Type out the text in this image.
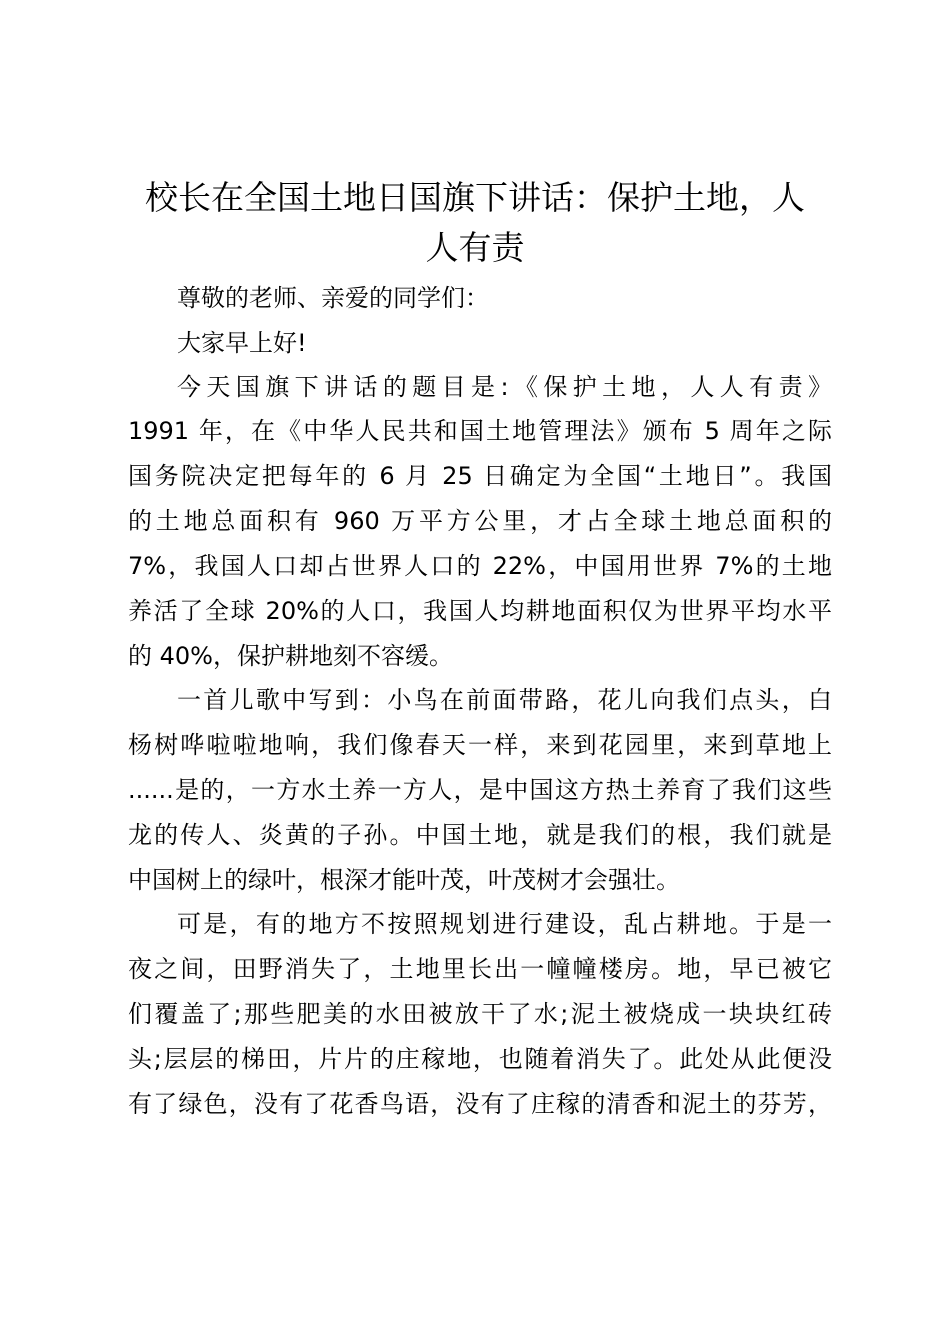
校长在全国土地日国旗下讲话：保护土地，人
人有责
尊敬的老师、亲爱的同学们：
大家早上好!
今天国旗下讲话的题目是:《保护土地，人人有责》
1991 年，在《中华人民共和国土地管理法》颁布 5 周年之际
国务院决定把每年的 6 月 25 日确定为全国“土地日”。我国
的土地总面积有 960 万平方公里，才占全球土地总面积的
7%，我国人口却占世界人口的 22%，中国用世界 7%的土地
养活了全球 20%的人口，我国人均耕地面积仅为世界平均水平
的 40%，保护耕地刻不容缓。
一首儿歌中写到：小鸟在前面带路，花儿向我们点头，白
杨树哗啦啦地响，我们像春天一样，来到花园里，来到草地上
......是的，一方水土养一方人，是中国这方热土养育了我们这些
龙的传人、炎黄的子孙。中国土地，就是我们的根，我们就是
中国树上的绿叶，根深才能叶茂，叶茂树才会强壮。
可是，有的地方不按照规划进行建设，乱占耕地。于是一
夜之间，田野消失了，土地里长出一幢幢楼房。地，早已被它
们覆盖了;那些肥美的水田被放干了水;泥土被烧成一块块红砖
头;层层的梯田，片片的庄稼地，也随着消失了。此处从此便没
有了绿色，没有了花香鸟语，没有了庄稼的清香和泥土的芬芳，
